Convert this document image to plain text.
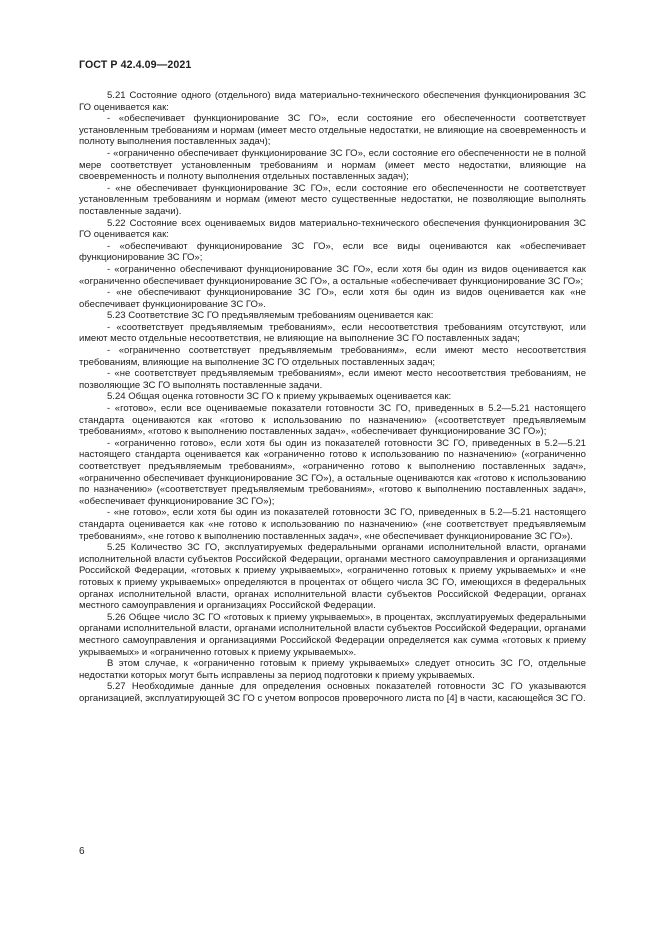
ГОСТ Р 42.4.09—2021

5.21 Состояние одного (отдельного) вида материально-технического обеспечения функционирования ЗС ГО оценивается как:

- «обеспечивает функционирование ЗС ГО», если состояние его обеспеченности соответствует установленным требованиям и нормам (имеет место отдельные недостатки, не влияющие на своевременность и полноту выполнения поставленных задач);

- «ограниченно обеспечивает функционирование ЗС ГО», если состояние его обеспеченности не в полной мере соответствует установленным требованиям и нормам (имеет место недостатки, влияющие на своевременность и полноту выполнения отдельных поставленных задач);

- «не обеспечивает функционирование ЗС ГО», если состояние его обеспеченности не соответствует установленным требованиям и нормам (имеют место существенные недостатки, не позволяющие выполнять поставленные задачи).

5.22 Состояние всех оцениваемых видов материально-технического обеспечения функционирования ЗС ГО оценивается как:

- «обеспечивают функционирование ЗС ГО», если все виды оцениваются как «обеспечивает функционирование ЗС ГО»;

- «ограниченно обеспечивают функционирование ЗС ГО», если хотя бы один из видов оценивается как «ограниченно обеспечивает функционирование ЗС ГО», а остальные «обеспечивает функционирование ЗС ГО»;

- «не обеспечивают функционирование ЗС ГО», если хотя бы один из видов оценивается как «не обеспечивает функционирование ЗС ГО».

5.23 Соответствие ЗС ГО предъявляемым требованиям оценивается как:

- «соответствует предъявляемым требованиям», если несоответствия требованиям отсутствуют, или имеют место отдельные несоответствия, не влияющие на выполнение ЗС ГО поставленных задач;

- «ограниченно соответствует предъявляемым требованиям», если имеют место несоответствия требованиям, влияющие на выполнение ЗС ГО отдельных поставленных задач;

- «не соответствует предъявляемым требованиям», если имеют место несоответствия требованиям, не позволяющие ЗС ГО выполнять поставленные задачи.

5.24 Общая оценка готовности ЗС ГО к приему укрываемых оценивается как:

- «готово», если все оцениваемые показатели готовности ЗС ГО, приведенных в 5.2—5.21 настоящего стандарта оцениваются как «готово к использованию по назначению» («соответствует предъявляемым требованиям», «готово к выполнению поставленных задач», «обеспечивает функционирование ЗС ГО»);

- «ограниченно готово», если хотя бы один из показателей готовности ЗС ГО, приведенных в 5.2—5.21 настоящего стандарта оценивается как «ограниченно готово к использованию по назначению» («ограниченно соответствует предъявляемым требованиям», «ограниченно готово к выполнению поставленных задач», «ограниченно обеспечивает функционирование ЗС ГО»), а остальные оцениваются как «готово к использованию по назначению» («соответствует предъявляемым требованиям», «готово к выполнению поставленных задач», «обеспечивает функционирование ЗС ГО»);

- «не готово», если хотя бы один из показателей готовности ЗС ГО, приведенных в 5.2—5.21 настоящего стандарта оценивается как «не готово к использованию по назначению» («не соответствует предъявляемым требованиям», «не готово к выполнению поставленных задач», «не обеспечивает функционирование ЗС ГО»).

5.25 Количество ЗС ГО, эксплуатируемых федеральными органами исполнительной власти, органами исполнительной власти субъектов Российской Федерации, органами местного самоуправления и организациями Российской Федерации, «готовых к приему укрываемых», «ограниченно готовых к приему укрываемых» и «не готовых к приему укрываемых» определяются в процентах от общего числа ЗС ГО, имеющихся в федеральных органах исполнительной власти, органах исполнительной власти субъектов Российской Федерации, органах местного самоуправления и организациях Российской Федерации.

5.26 Общее число ЗС ГО «готовых к приему укрываемых», в процентах, эксплуатируемых федеральными органами исполнительной власти, органами исполнительной власти субъектов Российской Федерации, органами местного самоуправления и организациями Российской Федерации определяется как сумма «готовых к приему укрываемых» и «ограниченно готовых к приему укрываемых».

В этом случае, к «ограниченно готовым к приему укрываемых» следует относить ЗС ГО, отдельные недостатки которых могут быть исправлены за период подготовки к приему укрываемых.

5.27 Необходимые данные для определения основных показателей готовности ЗС ГО указываются организацией, эксплуатирующей ЗС ГО с учетом вопросов проверочного листа по [4] в части, касающейся ЗС ГО.

6
